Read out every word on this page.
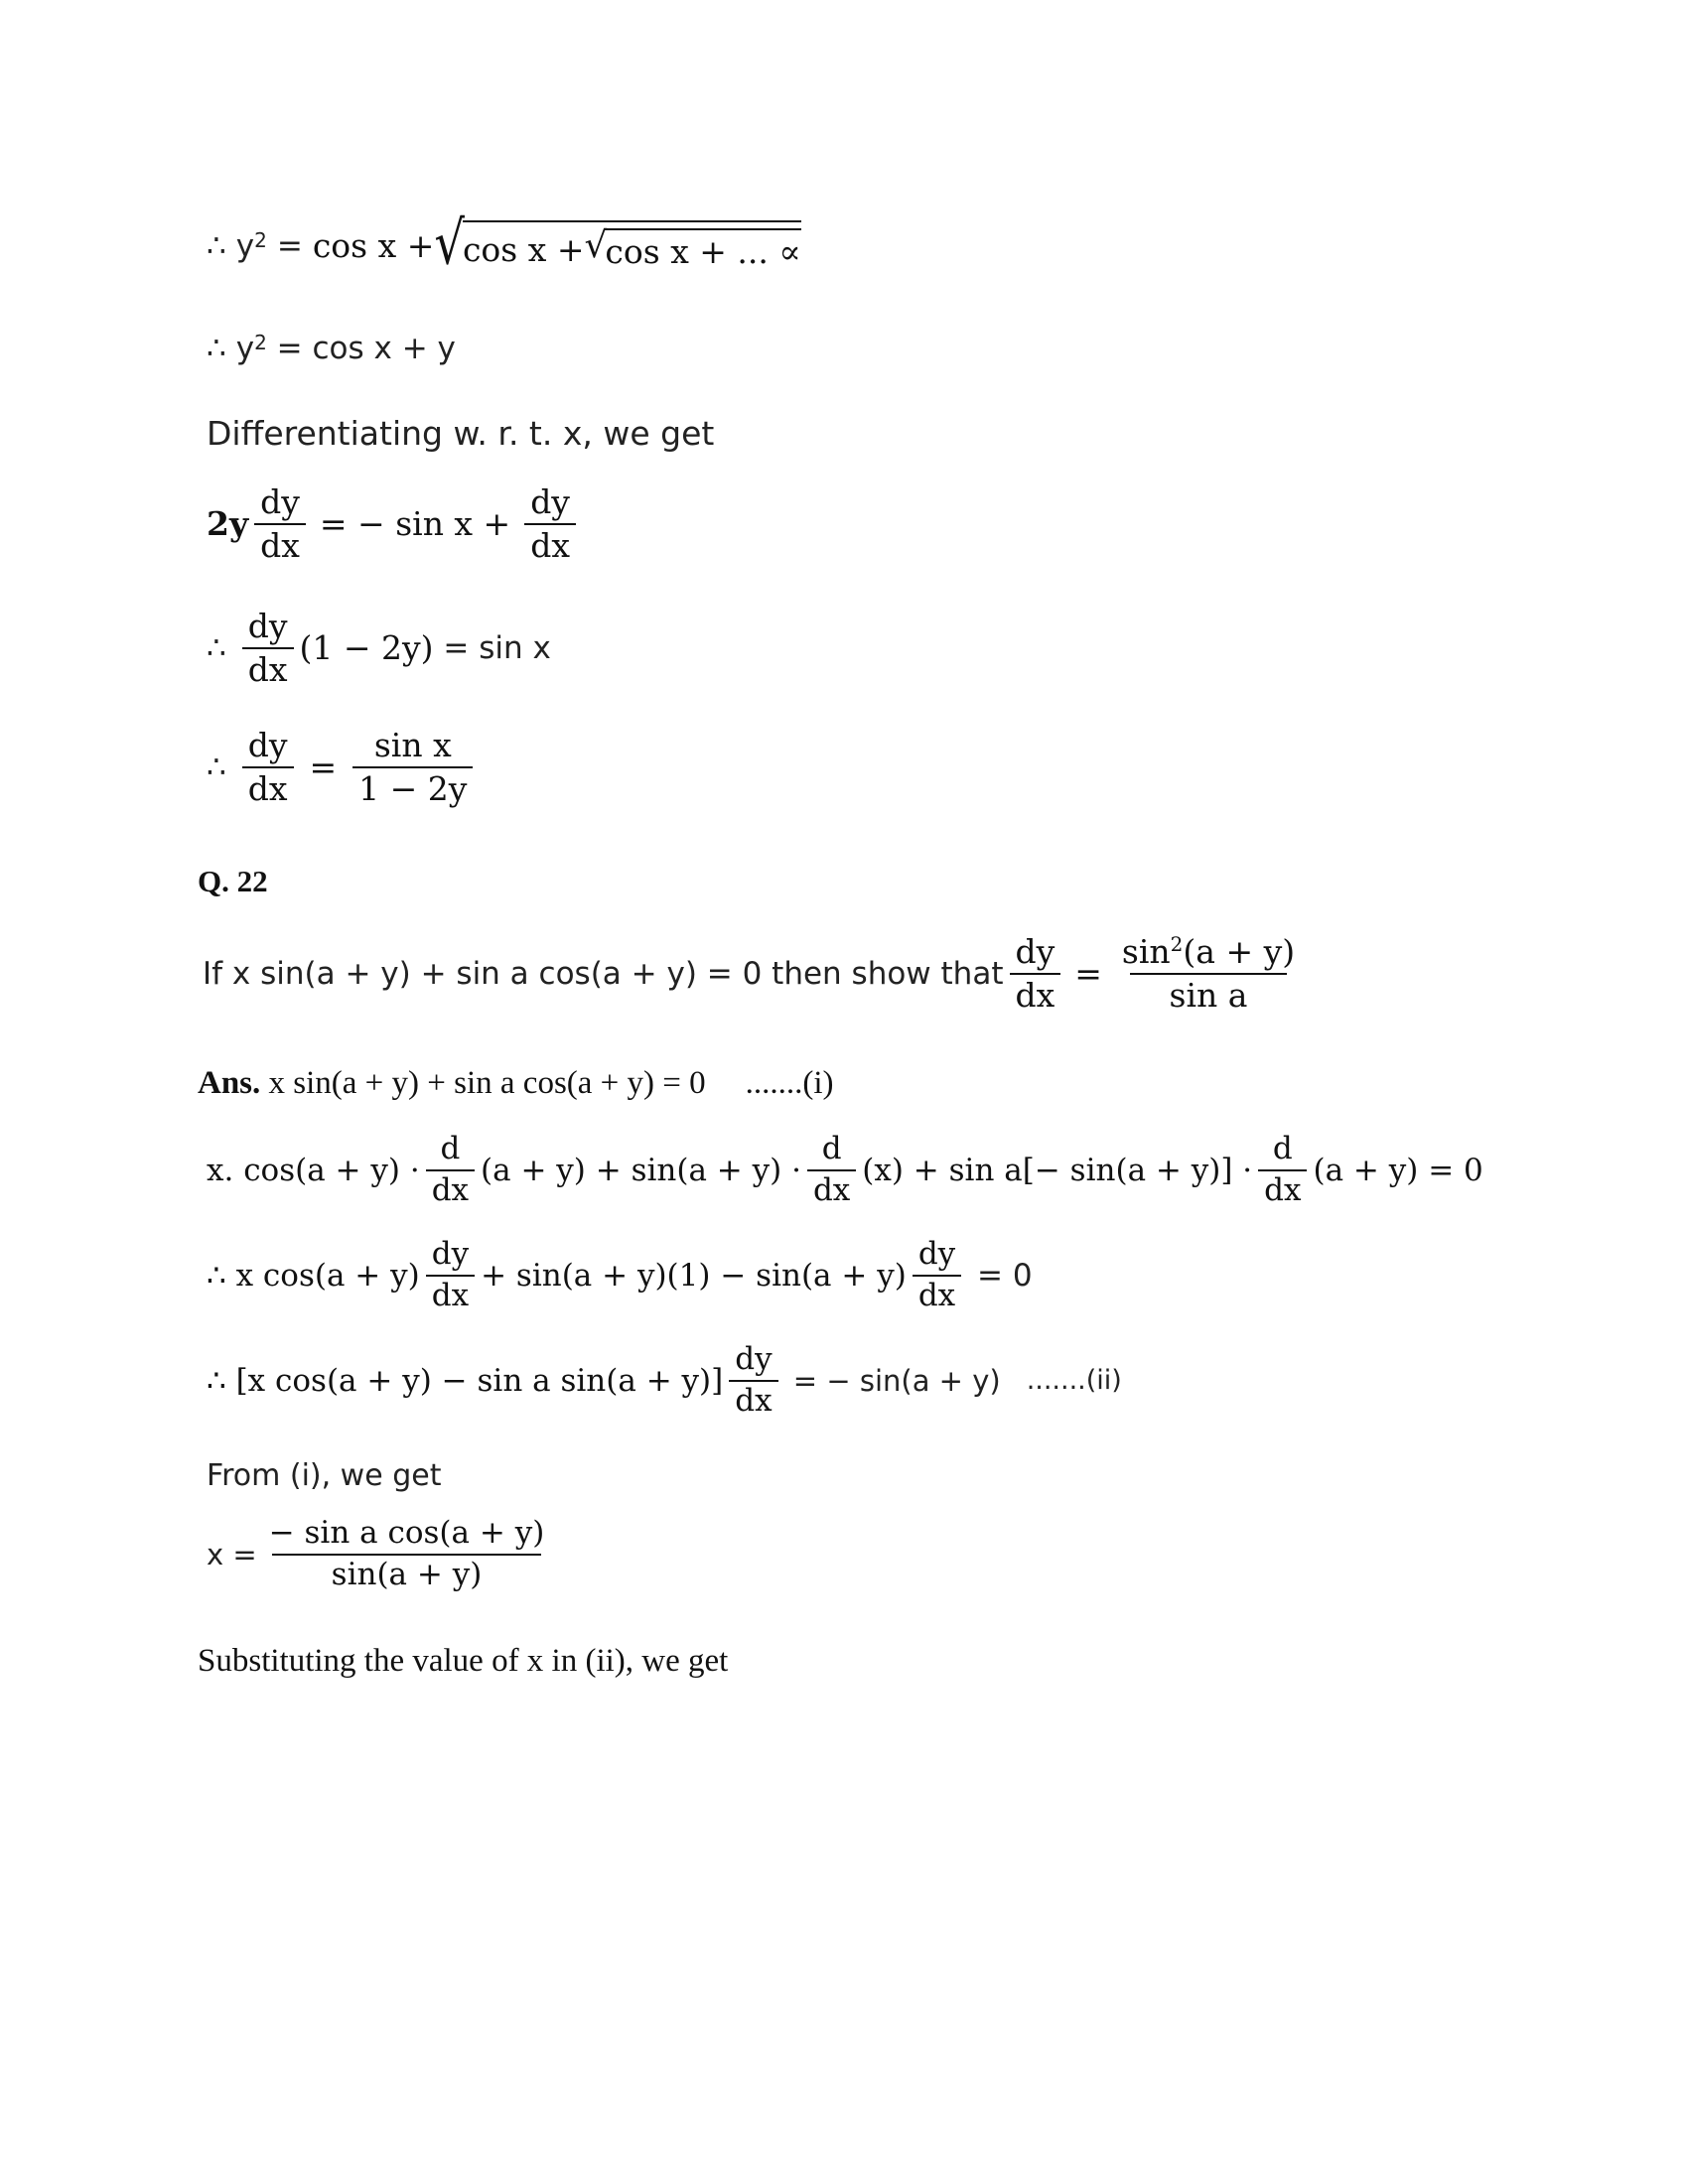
∴ $y^2 = \cos x$ + √
cos x + √
cos x + ... ∝
∴ $y^2 = \cos x + y$
Differentiating w. r. t. x, we get
$2y \frac{dy}{dx}$ = − $\sin x + \frac{dy}{dx}$
∴ $\frac{dy}{dx} (1 - 2y) = \sin x$
∴ $\frac{dy}{dx} = \frac{\text{sin x}}{1 - 2y}$
Q. 22
If x sin(a + y) + sin a cos(a + y) = 0 then show that $\frac{dy}{dx} = \frac{\sin^2(a + y)}{\text{sin a}}$
Ans. x sin(a + y) + sin a cos(a + y) = 0 .......(i)
x. $\cos(a + y) \cdot \frac{d}{dx} (a + y) + \sin(a + y) \cdot \frac{d}{dx} (x) + \sin a[- \sin(a + y)] \cdot \frac{d}{dx} (a + y) = 0$
∴ x $\cos(a + y) \frac{dy}{dx} + \sin(a + y)(1) - \sin(a + y) \frac{dy}{dx} = 0$
∴ [x cos(a + y) − sin a $\sin(a + y)] \frac{dy}{dx}$ = − sin(a + y) .......(ii)
From (i), we get
$x = \frac{\text{− sin a cos(a + y)}}{\sin(a + y)}$
Substituting the value of x in (ii), we get
